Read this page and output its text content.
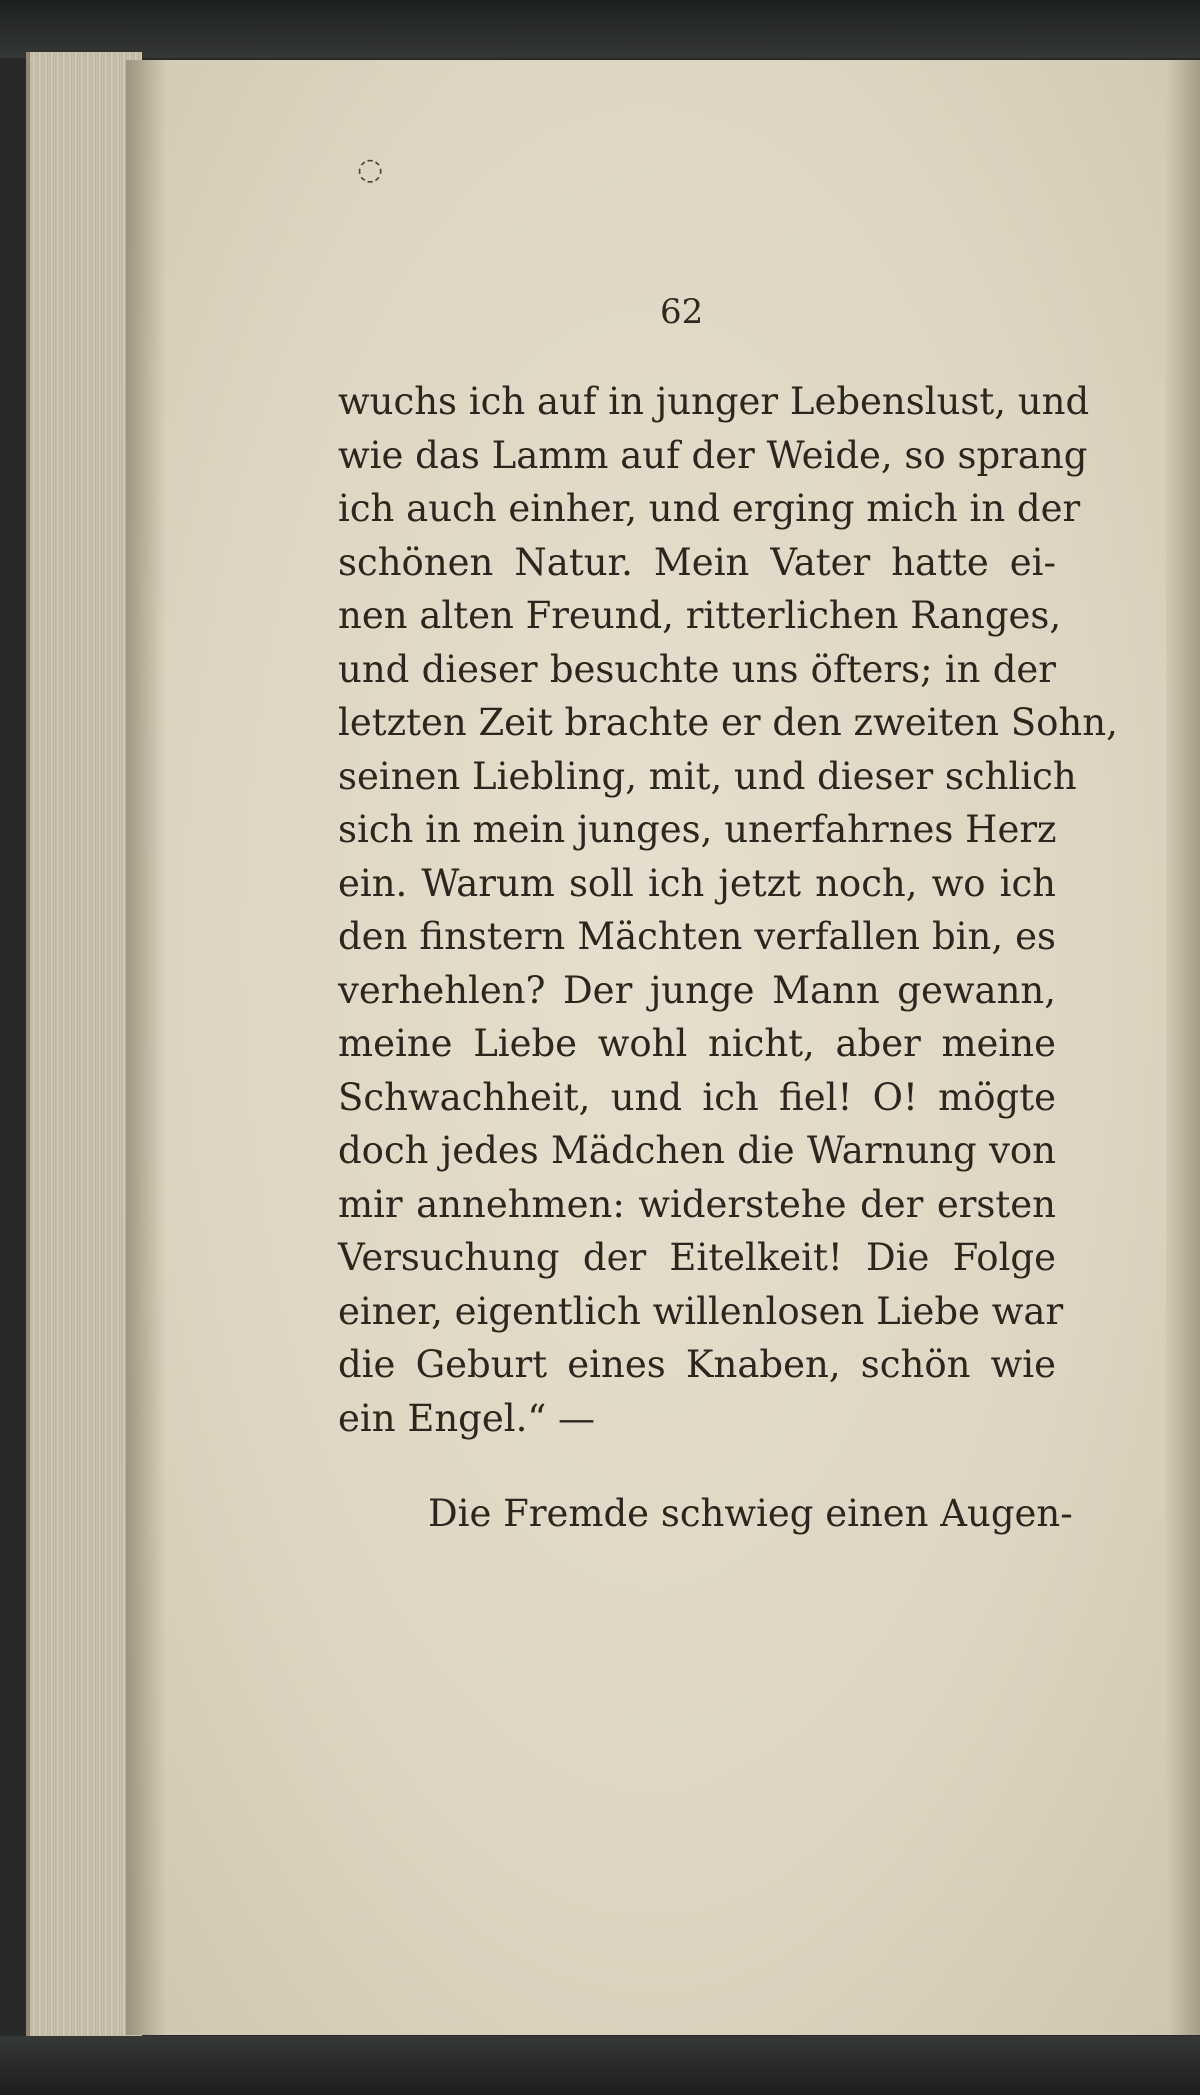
◌
62
wuchs ich auf in junger Lebenslust, und
wie das Lamm auf der Weide, so sprang
ich auch einher, und erging mich in der
schönen Natur. Mein Vater hatte ei-
nen alten Freund, ritterlichen Ranges,
und dieser besuchte uns öfters; in der
letzten Zeit brachte er den zweiten Sohn,
seinen Liebling, mit, und dieser schlich
sich in mein junges, unerfahrnes Herz
ein. Warum soll ich jetzt noch, wo ich
den finstern Mächten verfallen bin, es
verhehlen? Der junge Mann gewann,
meine Liebe wohl nicht, aber meine
Schwachheit, und ich fiel! O! mögte
doch jedes Mädchen die Warnung von
mir annehmen: widerstehe der ersten
Versuchung der Eitelkeit! Die Folge
einer, eigentlich willenlosen Liebe war
die Geburt eines Knaben, schön wie
ein Engel.“ —
Die Fremde schwieg einen Augen-
